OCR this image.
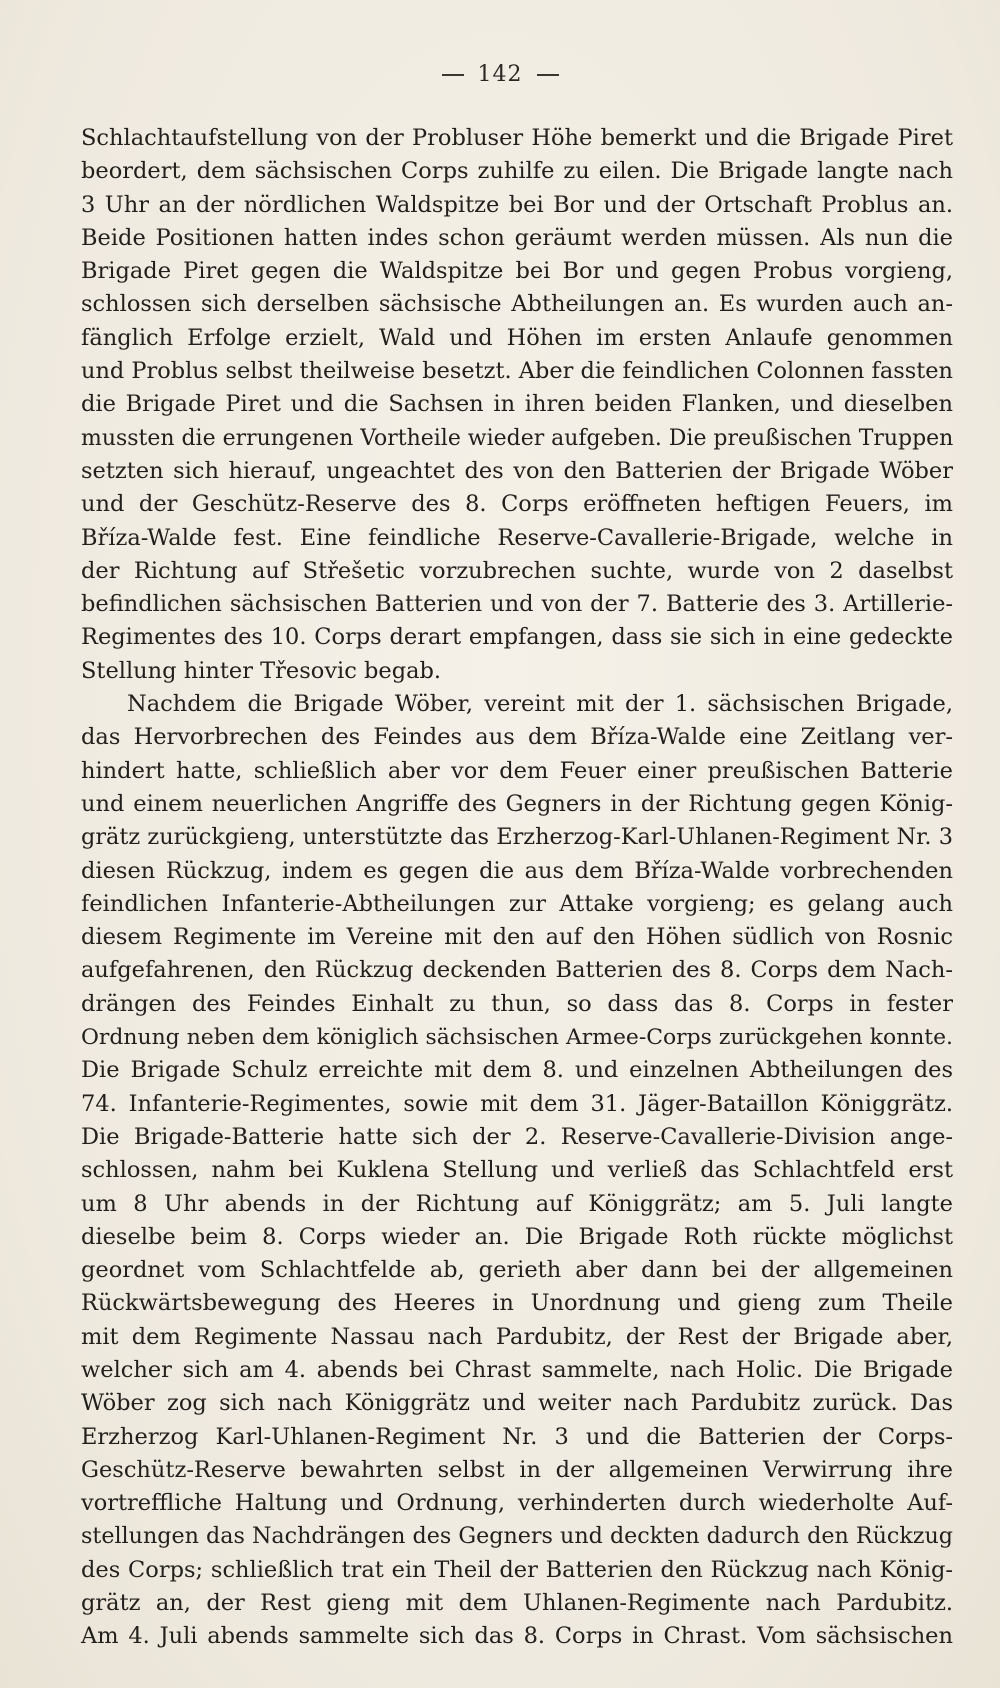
142
Schlachtaufstellung von der Probluser Höhe bemerkt und die Brigade Piret
beordert, dem sächsischen Corps zuhilfe zu eilen. Die Brigade langte nach
3 Uhr an der nördlichen Waldspitze bei Bor und der Ortschaft Problus an.
Beide Positionen hatten indes schon geräumt werden müssen. Als nun die
Brigade Piret gegen die Waldspitze bei Bor und gegen Probus vorgieng,
schlossen sich derselben sächsische Abtheilungen an. Es wurden auch an-
fänglich Erfolge erzielt, Wald und Höhen im ersten Anlaufe genommen
und Problus selbst theilweise besetzt. Aber die feindlichen Colonnen fassten
die Brigade Piret und die Sachsen in ihren beiden Flanken, und dieselben
mussten die errungenen Vortheile wieder aufgeben. Die preußischen Truppen
setzten sich hierauf, ungeachtet des von den Batterien der Brigade Wöber
und der Geschütz-Reserve des 8. Corps eröffneten heftigen Feuers, im
Bříza-Walde fest. Eine feindliche Reserve-Cavallerie-Brigade, welche in
der Richtung auf Střešetic vorzubrechen suchte, wurde von 2 daselbst
befindlichen sächsischen Batterien und von der 7. Batterie des 3. Artillerie-
Regimentes des 10. Corps derart empfangen, dass sie sich in eine gedeckte
Stellung hinter Třesovic begab.
Nachdem die Brigade Wöber, vereint mit der 1. sächsischen Brigade,
das Hervorbrechen des Feindes aus dem Bříza-Walde eine Zeitlang ver-
hindert hatte, schließlich aber vor dem Feuer einer preußischen Batterie
und einem neuerlichen Angriffe des Gegners in der Richtung gegen König-
grätz zurückgieng, unterstützte das Erzherzog-Karl-Uhlanen-Regiment Nr. 3
diesen Rückzug, indem es gegen die aus dem Bříza-Walde vorbrechenden
feindlichen Infanterie-Abtheilungen zur Attake vorgieng; es gelang auch
diesem Regimente im Vereine mit den auf den Höhen südlich von Rosnic
aufgefahrenen, den Rückzug deckenden Batterien des 8. Corps dem Nach-
drängen des Feindes Einhalt zu thun, so dass das 8. Corps in fester
Ordnung neben dem königlich sächsischen Armee-Corps zurückgehen konnte.
Die Brigade Schulz erreichte mit dem 8. und einzelnen Abtheilungen des
74. Infanterie-Regimentes, sowie mit dem 31. Jäger-Bataillon Königgrätz.
Die Brigade-Batterie hatte sich der 2. Reserve-Cavallerie-Division ange-
schlossen, nahm bei Kuklena Stellung und verließ das Schlachtfeld erst
um 8 Uhr abends in der Richtung auf Königgrätz; am 5. Juli langte
dieselbe beim 8. Corps wieder an. Die Brigade Roth rückte möglichst
geordnet vom Schlachtfelde ab, gerieth aber dann bei der allgemeinen
Rückwärtsbewegung des Heeres in Unordnung und gieng zum Theile
mit dem Regimente Nassau nach Pardubitz, der Rest der Brigade aber,
welcher sich am 4. abends bei Chrast sammelte, nach Holic. Die Brigade
Wöber zog sich nach Königgrätz und weiter nach Pardubitz zurück. Das
Erzherzog Karl-Uhlanen-Regiment Nr. 3 und die Batterien der Corps-
Geschütz-Reserve bewahrten selbst in der allgemeinen Verwirrung ihre
vortreffliche Haltung und Ordnung, verhinderten durch wiederholte Auf-
stellungen das Nachdrängen des Gegners und deckten dadurch den Rückzug
des Corps; schließlich trat ein Theil der Batterien den Rückzug nach König-
grätz an, der Rest gieng mit dem Uhlanen-Regimente nach Pardubitz.
Am 4. Juli abends sammelte sich das 8. Corps in Chrast. Vom sächsischen
